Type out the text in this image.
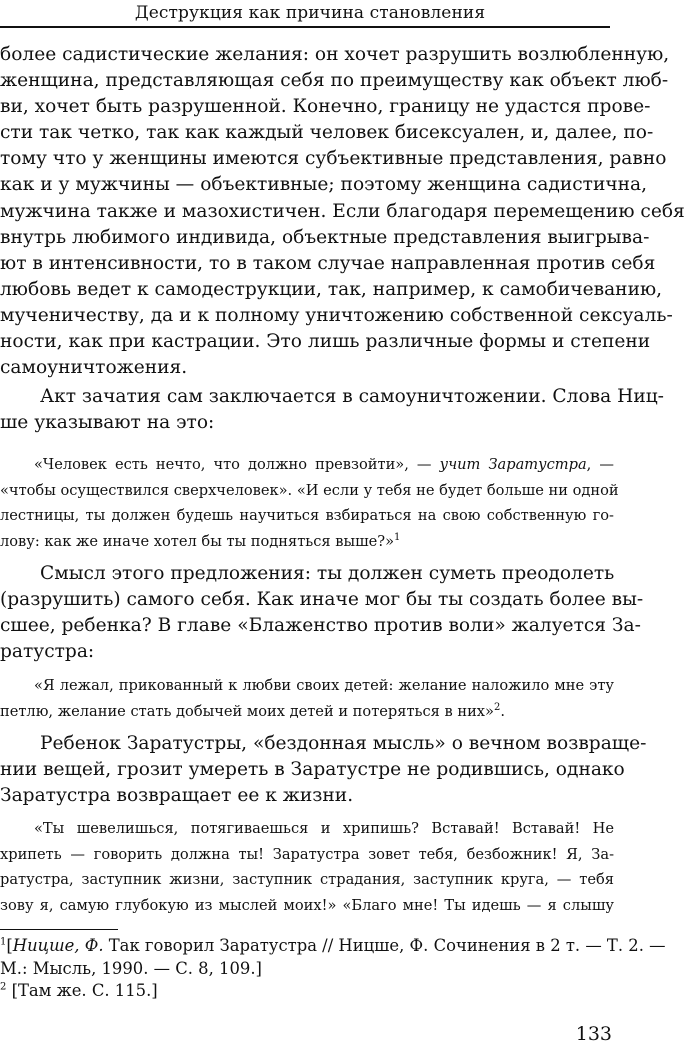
Деструкция как причина становления
более садистические желания: он хочет разрушить возлюбленную,
женщина, представляющая себя по преимуществу как объект люб-
ви, хочет быть разрушенной. Конечно, границу не удастся прове-
сти так четко, так как каждый человек бисексуален, и, далее, по-
тому что у женщины имеются субъективные представления, равно
как и у мужчины — объективные; поэтому женщина садистична,
мужчина также и мазохистичен. Если благодаря перемещению себя
внутрь любимого индивида, объектные представления выигрыва-
ют в интенсивности, то в таком случае направленная против себя
любовь ведет к самодеструкции, так, например, к самобичеванию,
мученичеству, да и к полному уничтожению собственной сексуаль-
ности, как при кастрации. Это лишь различные формы и степени
самоуничтожения.
Акт зачатия сам заключается в самоуничтожении. Слова Ниц-
ше указывают на это:
«Человек есть нечто, что должно превзойти», — учит Заратустра, —
«чтобы осуществился сверхчеловек». «И если у тебя не будет больше ни одной
лестницы, ты должен будешь научиться взбираться на свою собственную го-
лову: как же иначе хотел бы ты подняться выше?»$^1$
Смысл этого предложения: ты должен суметь преодолеть
(разрушить) самого себя. Как иначе мог бы ты создать более вы-
сшее, ребенка? В главе «Блаженство против воли» жалуется За-
ратустра:
«Я лежал, прикованный к любви своих детей: желание наложило мне эту
петлю, желание стать добычей моих детей и потеряться в них»$^2$.
Ребенок Заратустры, «бездонная мысль» о вечном возвраще-
нии вещей, грозит умереть в Заратустре не родившись, однако
Заратустра возвращает ее к жизни.
«Ты шевелишься, потягиваешься и хрипишь? Вставай! Вставай! Не
хрипеть — говорить должна ты! Заратустра зовет тебя, безбожник! Я, За-
ратустра, заступник жизни, заступник страдания, заступник круга, — тебя
зову я, самую глубокую из мыслей моих!» «Благо мне! Ты идешь — я слышу
$^1$[Ницше, Ф. Так говорил Заратустра // Ницше, Ф. Сочинения в 2 т. — Т. 2. —
М.: Мысль, 1990. — С. 8, 109.]
$^2$ [Там же. С. 115.]
133
